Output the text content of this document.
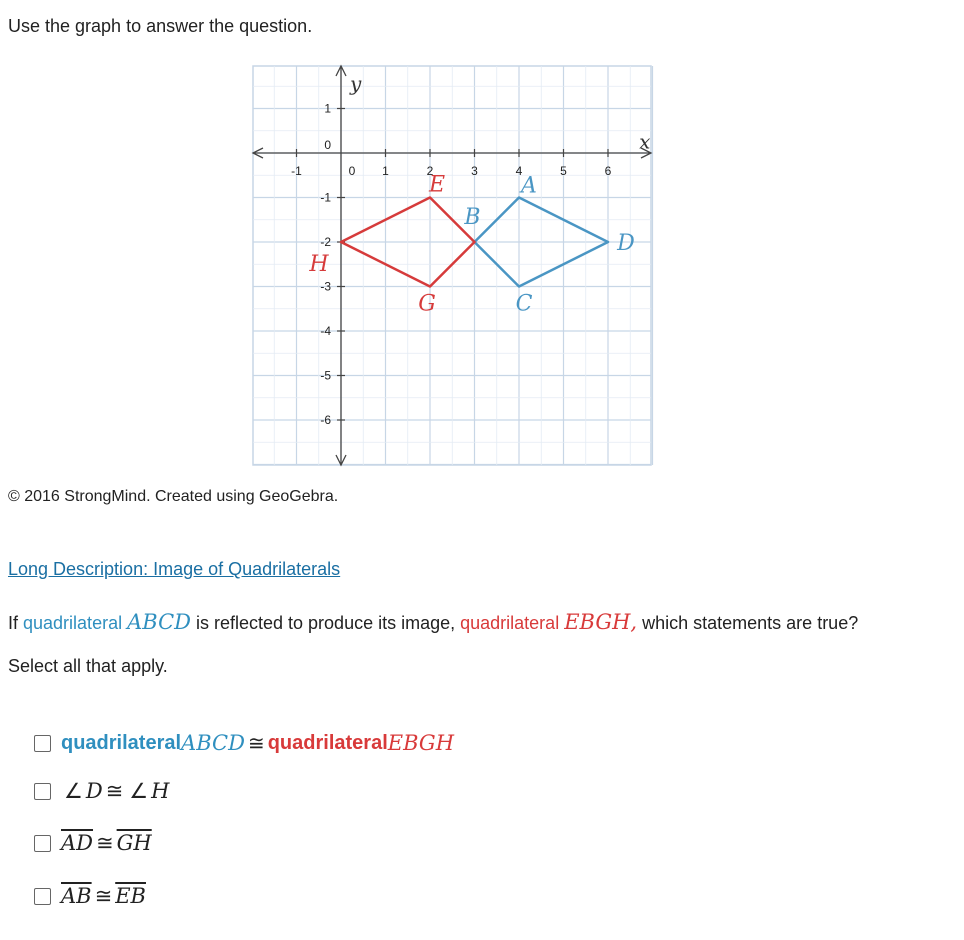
Use the graph to answer the question.
x
y
-1	0 1	2	3	4	5	6
1
0
-1
-2
-3
-4
-5
-6
A
B
C
D
E
G
H
© 2016 StrongMind. Created using GeoGebra.
Long Description: Image of Quadrilaterals
If quadrilateral ABCD is reflected to produce its image, quadrilateral EBGH, which statements are true?
Select all that apply.
quadrilateral ABCD ≅ quadrilateral EBGH
∠ D ≅ ∠ H
$\overline{AD}$ ≅ $\overline{GH}$
$\overline{AB}$ ≅ $\overline{EB}$
